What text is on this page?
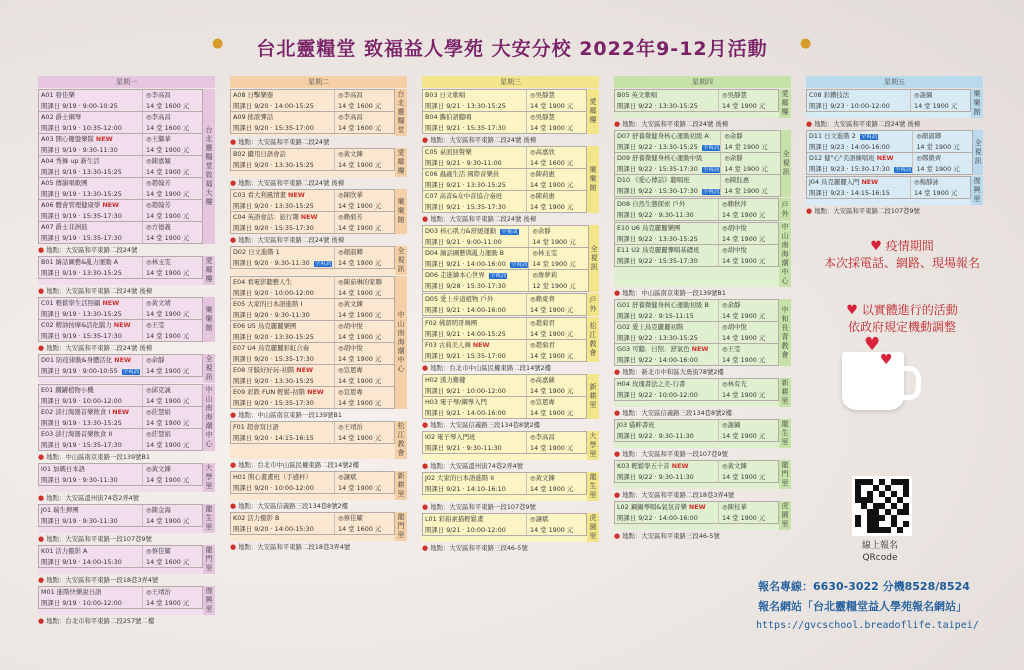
台北靈糧堂 致福益人學苑 大安分校 2022年9-12月活動
●	●
星期一
A01 發佳樂	◎李高昌
開課日 9/19 · 9:00-10:25	14 堂 1600 元
A02 爵士鋼琴	◎李高昌
開課日 9/19 · 10:35-12:00	14 堂 1600 元
A03 開心鍵盤樂隊 NEW	◎王繼華
開課日 9/19 · 9:30-11:30	14 堂 1900 元
A04 秀舞 up 新生活	◎陳嘉穎
開課日 9/19 · 13:30-15:25	14 堂 1900 元
A05 傳韻唱歌團	◎趙翰芳
開課日 9/19 · 13:30-15:25	14 堂 1900 元
A06 體會管理健康學 NEW	◎趙翰芳
開課日 9/19 · 15:35-17:30	14 堂 1900 元
A07 爵士非洲鼓	◎方德義
開課日 9/19 · 15:35-17:30	14 堂 1900 元
台北靈糧堂致福大樓
● 地點：大安區和平東路二段24號
B01 繪話圖藝&亂力運動 A	◎林玉雯
開課日 9/19 · 13:30-15:25	14 堂 1900 元
愛鄰樓
● 地點：大安區和平東路二段24號 後棟
C01 輕鬆學生活照顧 NEW	◎黃文靖
開課日 9/19 · 13:30-15:25	14 堂 1900 元
C02 精油按摩&活化腦力 NEW	◎王雯
開課日 9/19 · 15:35-17:30	14 堂 1900 元
樂樂館
● 地點：大安區和平東路二段24號 後棟
D01 防疫律動&身體活化 NEW	◎余靜
開課日 9/19 · 9:00-10:55 全視訊	14 堂 1900 元
全視訊
E01 鐵罐植物小機	◎邱克誠
開課日 9/19 · 10:00-12:00	14 堂 1900 元
E02 淡行淘器首樂飲食 I NEW	◎莊慧娟
開課日 9/19 · 13:30-15:25	14 堂 1900 元
E03 淡行淘器首樂飲食 II	◎莊慧娟
開課日 9/19 · 15:35-17:30	14 堂 1900 元
中山南海潮中心
● 地點：中山區南京東路一段139號B1
I01 加碼日本語	◎黃文鍊
開課日 9/19 · 9:30-11:30	14 堂 1900 元
大學里
● 地點：大安區溫州街74巷2弄4號
J01 瑞生揮團	◎陳金海
開課日 9/19 · 9:30-11:30	14 堂 1900 元
龍生里
● 地點：大安區和平東路一段107巷9號
K01 活力摄影 A	◎蔡佳耀
開課日 9/19 · 14:00-15:30	14 堂 1600 元
龍門里
● 地點：大安區和平東路一段18巷3弄4號
M01 進階快樂說日語	◎王靖治
開課日 9/19 · 10:00-12:00	14 堂 1900 元
復興里
● 地點：台北市和平東路二段257號二樓
星期二
A08 日擊樂器	◎李高昌
開課日 9/20 · 14:00-15:25	14 堂 1600 元
A09 搖滾彈話	◎李高昌
開課日 9/20 · 15:35-17:00	14 堂 1600 元
台北靈糧堂
● 地點：大安區和平東路二段24號
B02 攝用日語會話	◎黃文鍊
開課日 9/20 · 13:30-15:25	14 堂 1900 元
愛鄰樓
● 地點：大安區和平東路二段24號 後棟
C03 看大利風情畫 NEW	◎陳欣華
開課日 9/20 · 13:30-15:25	14 堂 1900 元
C04 英語會話：旅行趣 NEW	◎賴菊芳
開課日 9/20 · 15:35-17:30	14 堂 1900 元
樂樂館
● 地點：大安區和平東路二段24號 後棟
D02 日文進階 1	◎顏淑卿
開課日 9/20 · 9:30-11:30 全視訊	14 堂 1900 元
全視訊
E04 看電影聽藝人生	◎陳茹琳的家聯
開課日 9/20 · 10:00-12:00	14 堂 1900 元
E05 大家的日本語進階 I	◎黃文鍊
開課日 9/20 · 9:30-11:30	14 堂 1900 元
E06 U5 烏克麗麗樂團	◎胡中悅
開課日 9/20 · 13:30-15:25	14 堂 1900 元
E07 U4 烏克麗麗彩虹合奏	◎胡中悅
開課日 9/20 · 15:35-17:30	14 堂 1900 元
E08 牙膜好好玩-初階 NEW	◎宣恩專
開課日 9/20 · 13:30-15:25	14 堂 1900 元
E09 彩跌 FUN 輕鬆-初階 NEW	◎宣恩專
開課日 9/20 · 15:35-17:30	14 堂 1900 元
中山南海潮中心
● 地點：中山區南京東路一段139號B1
F01 超會寫日語	◎王靖治
開課日 9/20 · 14:15-16:15	14 堂 1900 元
松江教會
● 地點：台北市中山區民權東路二段14號2樓
H01 開心畫畫班（手感杯）	◎讓斌
開課日 9/20 · 10:00-12:00	14 堂 1900 元
新耕里
● 地點：大安區信義路三段134巷8號2樓
K02 活力摄影 B	◎蔡佳耀
開課日 9/20 · 14:00-15:30	14 堂 1600 元
龍門里
● 地點：大安區和平東路二段18巷3弄4號
星期三
B03 日文歌唱	◎吳靜慧
開課日 9/21 · 13:30-15:25	14 堂 1900 元
B04 攜伯語聽唱	◎吳靜慧
開課日 9/21 · 15:35-17:30	14 堂 1900 元
愛鄰樓
● 地點：大安區和平東路二段24號 後棟
C05 桌面回聲樂	◎高嘉欣
開課日 9/21 · 9:30-11:00	14 堂 1600 元
C06 蟲蟲生活 國際音樂員	◎陳莉惠
開課日 9/21 · 13:30-15:25	14 堂 1900 元
C07 高音&女中音協合奏班	◎陳莉惠
開課日 9/21 · 15:35-17:30	14 堂 1900 元
樂樂館
● 地點：大安區和平東路二段24號 後棟
D03 核心肌力&舒緩運動 全視訊	◎余靜
開課日 9/21 · 9:00-11:00	14 堂 1900 元
D04 繪話圖藝與亂力運動 B	◎林玉雯
開課日 9/21 · 14:00-16:00 全視訊 14 堂 1900 元
D06 走進繪本心世界 全視訊	◎詹夢莉
開課日 9/28 · 15:30-17:30	12 堂 1900 元
全視訊
D05 愛上步道植物 戶外	◎賴東脅
開課日 9/21 · 14:00-16:00	14 堂 1900 元
戶外
F02 佛朗明哥舞團	◎趙菊君
開課日 9/21 · 14:00-15:25	14 堂 1900 元
F03 古典美人舞 NEW	◎趙菊君
開課日 9/21 · 15:35-17:00	14 堂 1900 元
松江教會
● 地點：台北市中山區民權東路二段14號2樓
H02 漢力難鍵	◎高嘉蘇
開課日 9/21 · 10:00-12:00	14 堂 1900 元
H03 電子琴/鋼琴入門	◎宣恩專
開課日 9/21 · 14:00-16:00	14 堂 1900 元
新耕里
● 地點：大安區信義路三段134巷8號2樓
I02 電子琴入門班	◎李高昌
開課日 9/21 · 9:30-11:30	14 堂 1900 元
大學里
● 地點：大安區溫州街74巷2弄4號
J02 大家的日本語進階 II	◎黃文鍊
開課日 9/21 · 14:10-16:10	14 堂 1900 元
龍生里
● 地點：大安區和平東路一段107巷9號
L01 彩鉛素描輕鬆畫	◎讓斌
開課日 9/21 · 10:00-12:00	14 堂 1900 元
虎園里
● 地點：大安區和平東路三段46-5號
星期四
B05 英文歌唱	◎吳靜慧
開課日 9/22 · 13:30-15:25	14 堂 1900 元
愛鄰樓
● 地點：大安區和平東路二段24號 後棟
D07 舒養微健身核心運動初級 A	◎余靜
開課日 9/22 · 13:30-15:25 全視訊 14 堂 1900 元
D09 舒養微健身核心運動中級	◎余靜
開課日 9/22 · 15:35-17:30 全視訊 14 堂 1900 元
D10 《愛心傳話》聽唱班	◎陳鈺惠
開課日 9/22 · 15:30-17:30 全視訊 14 堂 1900 元
全視訊
D08 自然生態探索 戶外	◎賴秋萍
開課日 9/22 · 9:30-11:30	14 堂 1900 元
戶外
E10 U6 烏克麗麗樂團	◎胡中悅
開課日 9/22 · 13:30-15:25	14 堂 1900 元
E11 U2 烏克麗麗彈唱基礎班	◎胡中悅
開課日 9/22 · 15:35-17:30	14 堂 1900 元
中山南海潮中心
● 地點：中山區南京東路一段139號B1
G01 舒養微健身核心運動初級 B	◎余靜
開課日 9/22 · 9:15-11:15	14 堂 1900 元
G02 愛上烏克麗麗初階	◎胡中悅
開課日 9/22 · 13:30-15:25	14 堂 1900 元
G03 可聽．日照．舒氣色 NEW	◎王雯
開課日 9/22 · 14:00-16:00	14 堂 1900 元
中和長青教會
● 地點：新北市中和區大勇街78號2樓
H04 玫瑰書法之美-行書	◎林有光
開課日 9/22 · 10:00-12:00	14 堂 1900 元
新耕里
● 地點：大安區信義路三段134巷8號2樓
J03 貓畔書班	◎謝鍋
開課日 9/22 · 9:30-11:30	14 堂 1900 元
龍生里
● 地點：大安區和平東路一段107巷9號
K03 輕鬆學五十音 NEW	◎黃文鍊
開課日 9/22 · 9:30-11:30	14 堂 1900 元
龍門里
● 地點：大安區和平東路二段18巷3弄4號
L02 鋼鍋琴唱&氣氛音樂 NEW	◎陳桂華
開課日 9/22 · 14:00-16:00	14 堂 1900 元
虎園里
● 地點：大安區和平東路三段46-5號
星期五
C08 彩鑽技法	◎謝鍋
開課日 9/23 · 10:00-12:00	14 堂 1900 元
樂樂館
● 地點：大安區和平東路二段24號 後棟
D11 日文進階 2 全視訊	◎顏淑卿
開課日 9/23 · 14:00-16:00	14 堂 1900 元
D12 健"心"美語練唱班 NEW	◎鄭微齊
開課日 9/23 · 15:30-17:30 全視訊 14 堂 1900 元
全視訊
J04 烏克麗麗入門 NEW	◎楊靜詠
開課日 9/23 · 14:15-16:15	14 堂 1900 元
復興里
● 地點：大安區和平東路二段107巷9號
♥ 疫情期間
本次採電話、網路、現場報名
♥ 以實體進行的活動
依政府規定機動調整
♥
♥
線上報名
QRcode
報名專線：6630-3022 分機8528/8524
報名網站「台北靈糧堂益人學苑報名網站」
https://gvcschool.breadoflife.taipei/
